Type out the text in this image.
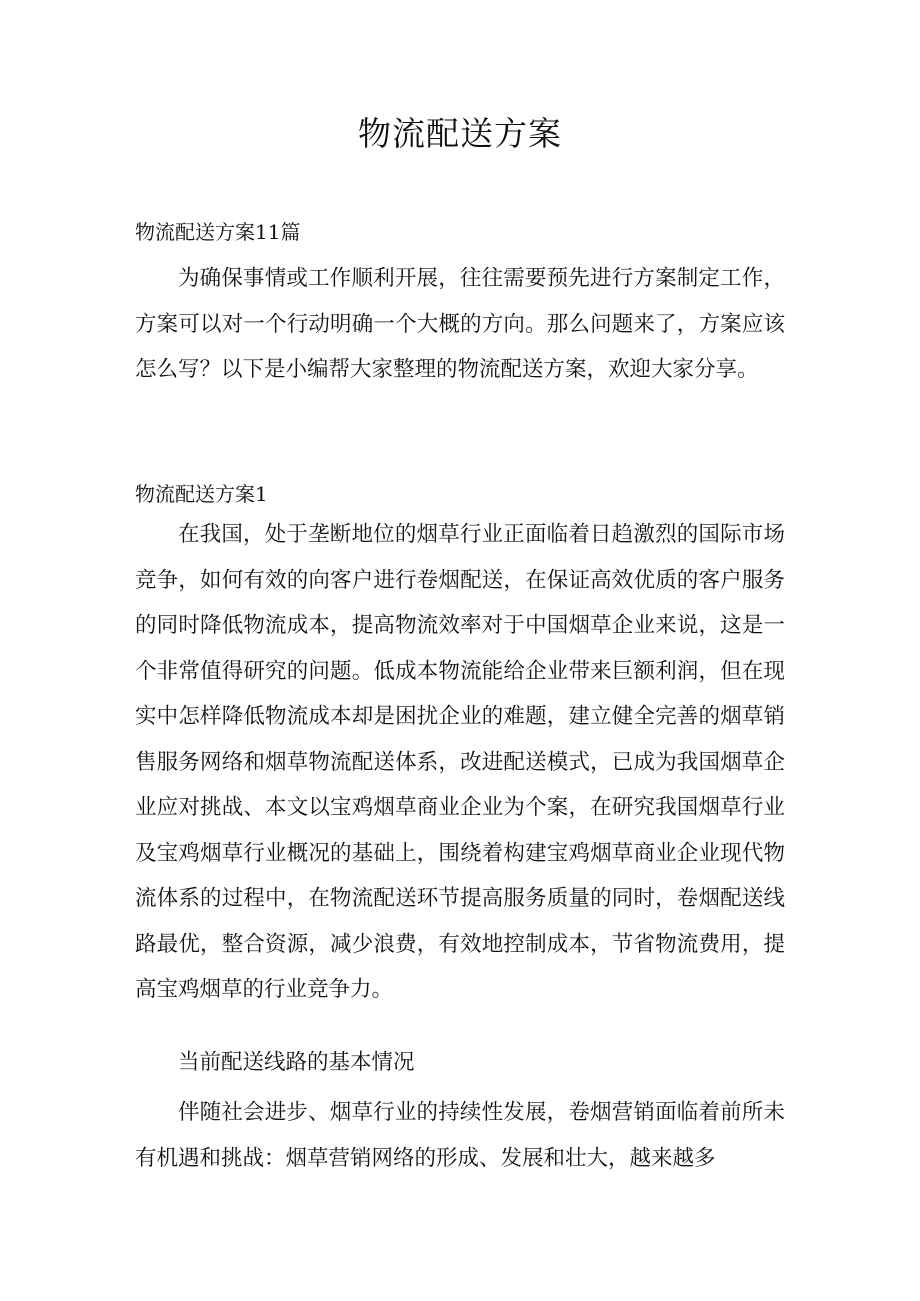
物流配送方案
物流配送方案11篇

为确保事情或工作顺利开展，往往需要预先进行方案制定工作，方案可以对一个行动明确一个大概的方向。那么问题来了，方案应该怎么写？以下是小编帮大家整理的物流配送方案，欢迎大家分享。

物流配送方案1

在我国，处于垄断地位的烟草行业正面临着日趋激烈的国际市场竞争，如何有效的向客户进行卷烟配送，在保证高效优质的客户服务的同时降低物流成本，提高物流效率对于中国烟草企业来说，这是一个非常值得研究的问题。低成本物流能给企业带来巨额利润，但在现实中怎样降低物流成本却是困扰企业的难题，建立健全完善的烟草销售服务网络和烟草物流配送体系，改进配送模式，已成为我国烟草企业应对挑战、本文以宝鸡烟草商业企业为个案，在研究我国烟草行业及宝鸡烟草行业概况的基础上，围绕着构建宝鸡烟草商业企业现代物流体系的过程中，在物流配送环节提高服务质量的同时，卷烟配送线路最优，整合资源，减少浪费，有效地控制成本，节省物流费用，提高宝鸡烟草的行业竞争力。

当前配送线路的基本情况

伴随社会进步、烟草行业的持续性发展，卷烟营销面临着前所未有机遇和挑战：烟草营销网络的形成、发展和壮大，越来越多
